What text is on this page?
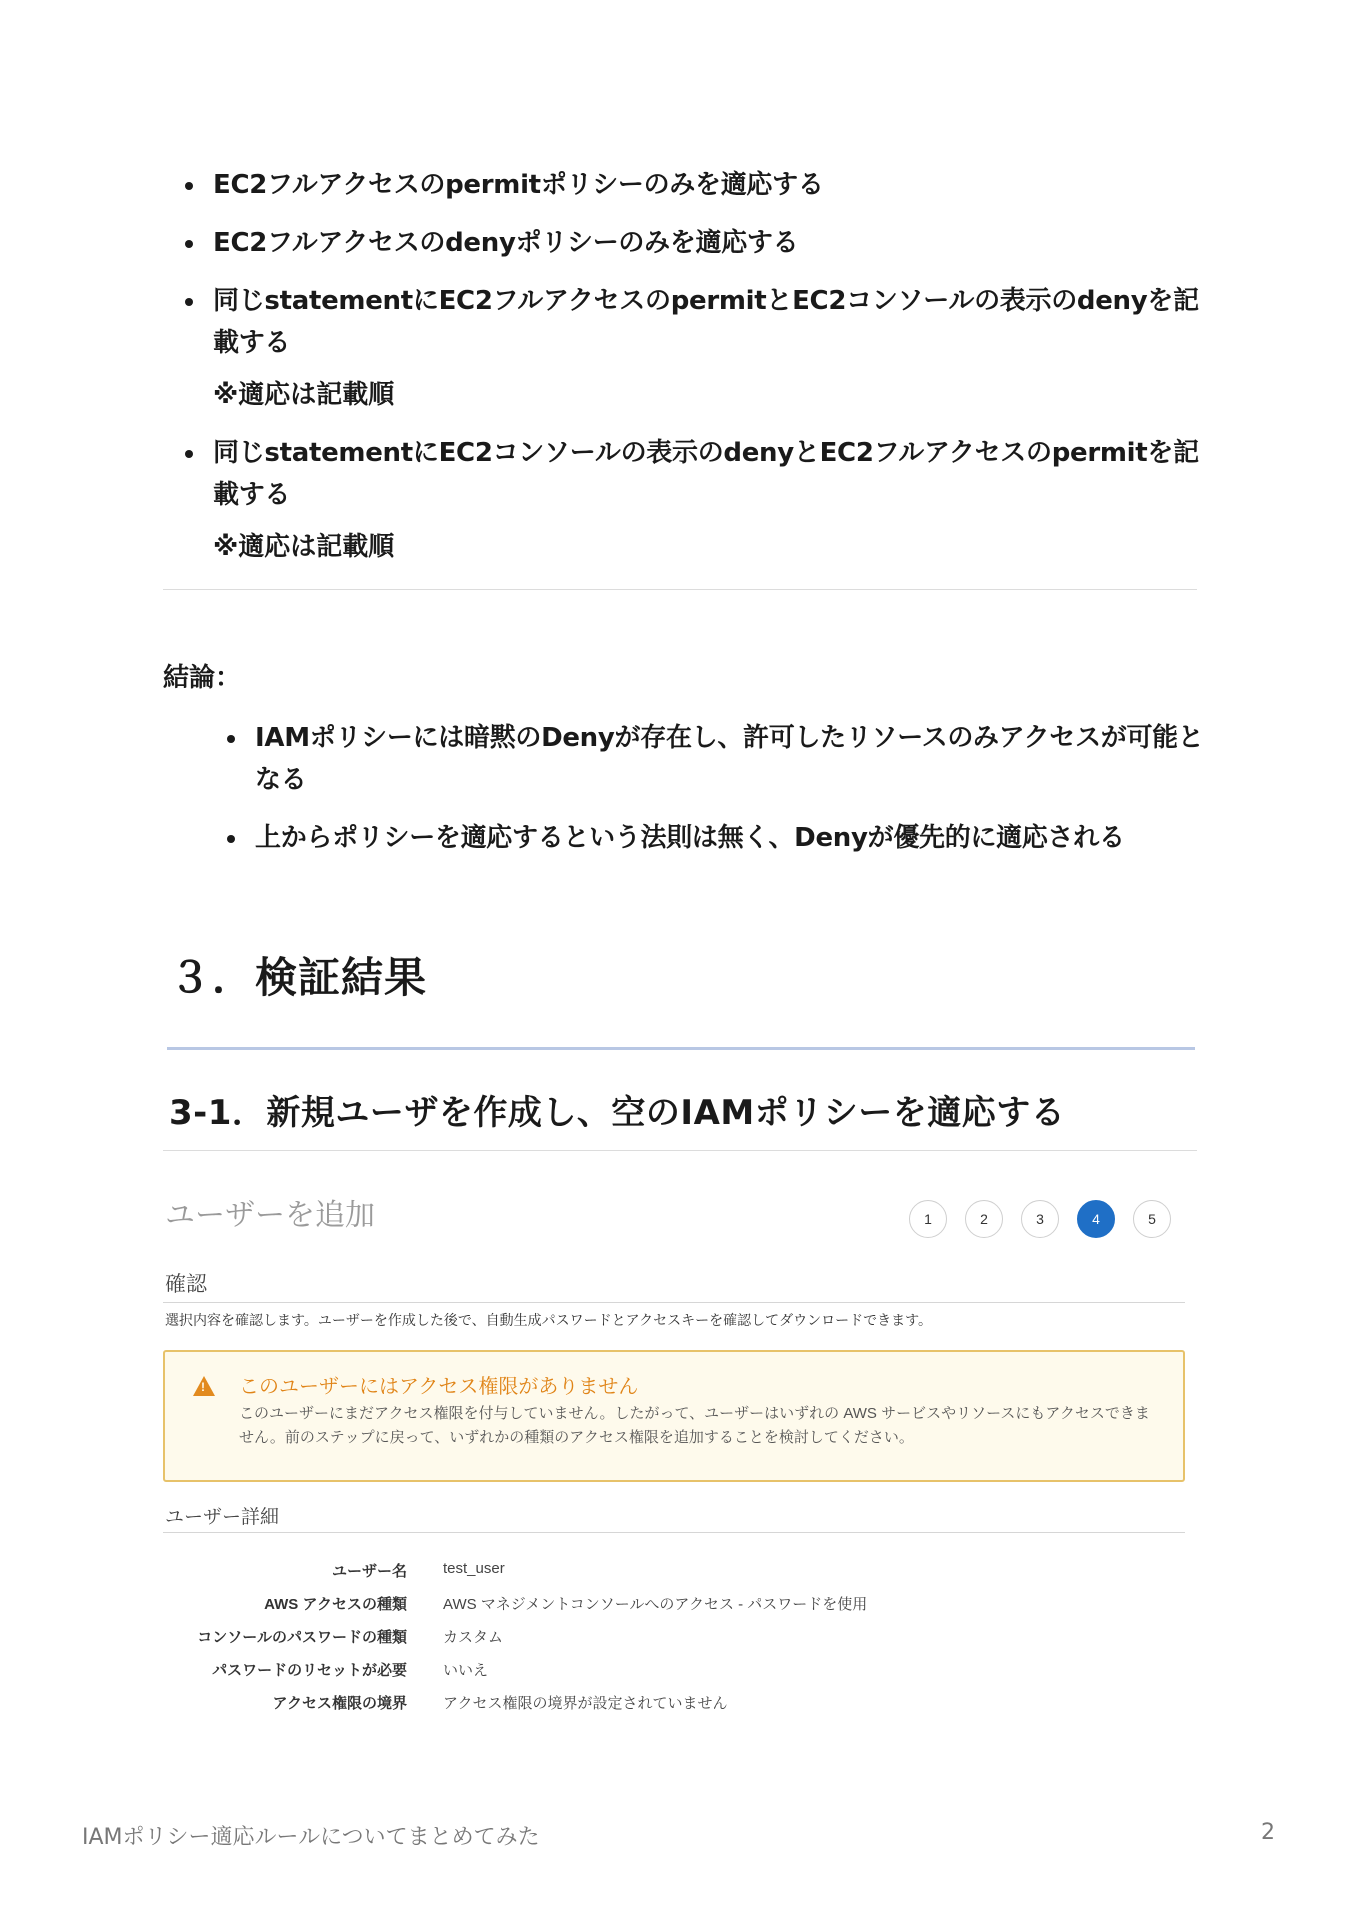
EC2フルアクセスのpermitポリシーのみを適応する
EC2フルアクセスのdenyポリシーのみを適応する
同じstatementにEC2フルアクセスのpermitとEC2コンソールの表示のdenyを記載する
※適応は記載順
同じstatementにEC2コンソールの表示のdenyとEC2フルアクセスのpermitを記載する
※適応は記載順
結論：
IAMポリシーには暗黙のDenyが存在し、許可したリソースのみアクセスが可能となる
上からポリシーを適応するという法則は無く、Denyが優先的に適応される
３．検証結果
3-1．新規ユーザを作成し、空のIAMポリシーを適応する
ユーザーを追加	1	2	3	4	5
確認
選択内容を確認します。ユーザーを作成した後で、自動生成パスワードとアクセスキーを確認してダウンロードできます。
! このユーザーにはアクセス権限がありません
このユーザーにまだアクセス権限を付与していません。したがって、ユーザーはいずれの AWS サービスやリソースにもアクセスできません。前のステップに戻って、いずれかの種類のアクセス権限を追加することを検討してください。
ユーザー詳細
ユーザー名 test_user
AWS アクセスの種類 AWS マネジメントコンソールへのアクセス - パスワードを使用
コンソールのパスワードの種類 カスタム
パスワードのリセットが必要 いいえ
アクセス権限の境界 アクセス権限の境界が設定されていません
IAMポリシー適応ルールについてまとめてみた	2
